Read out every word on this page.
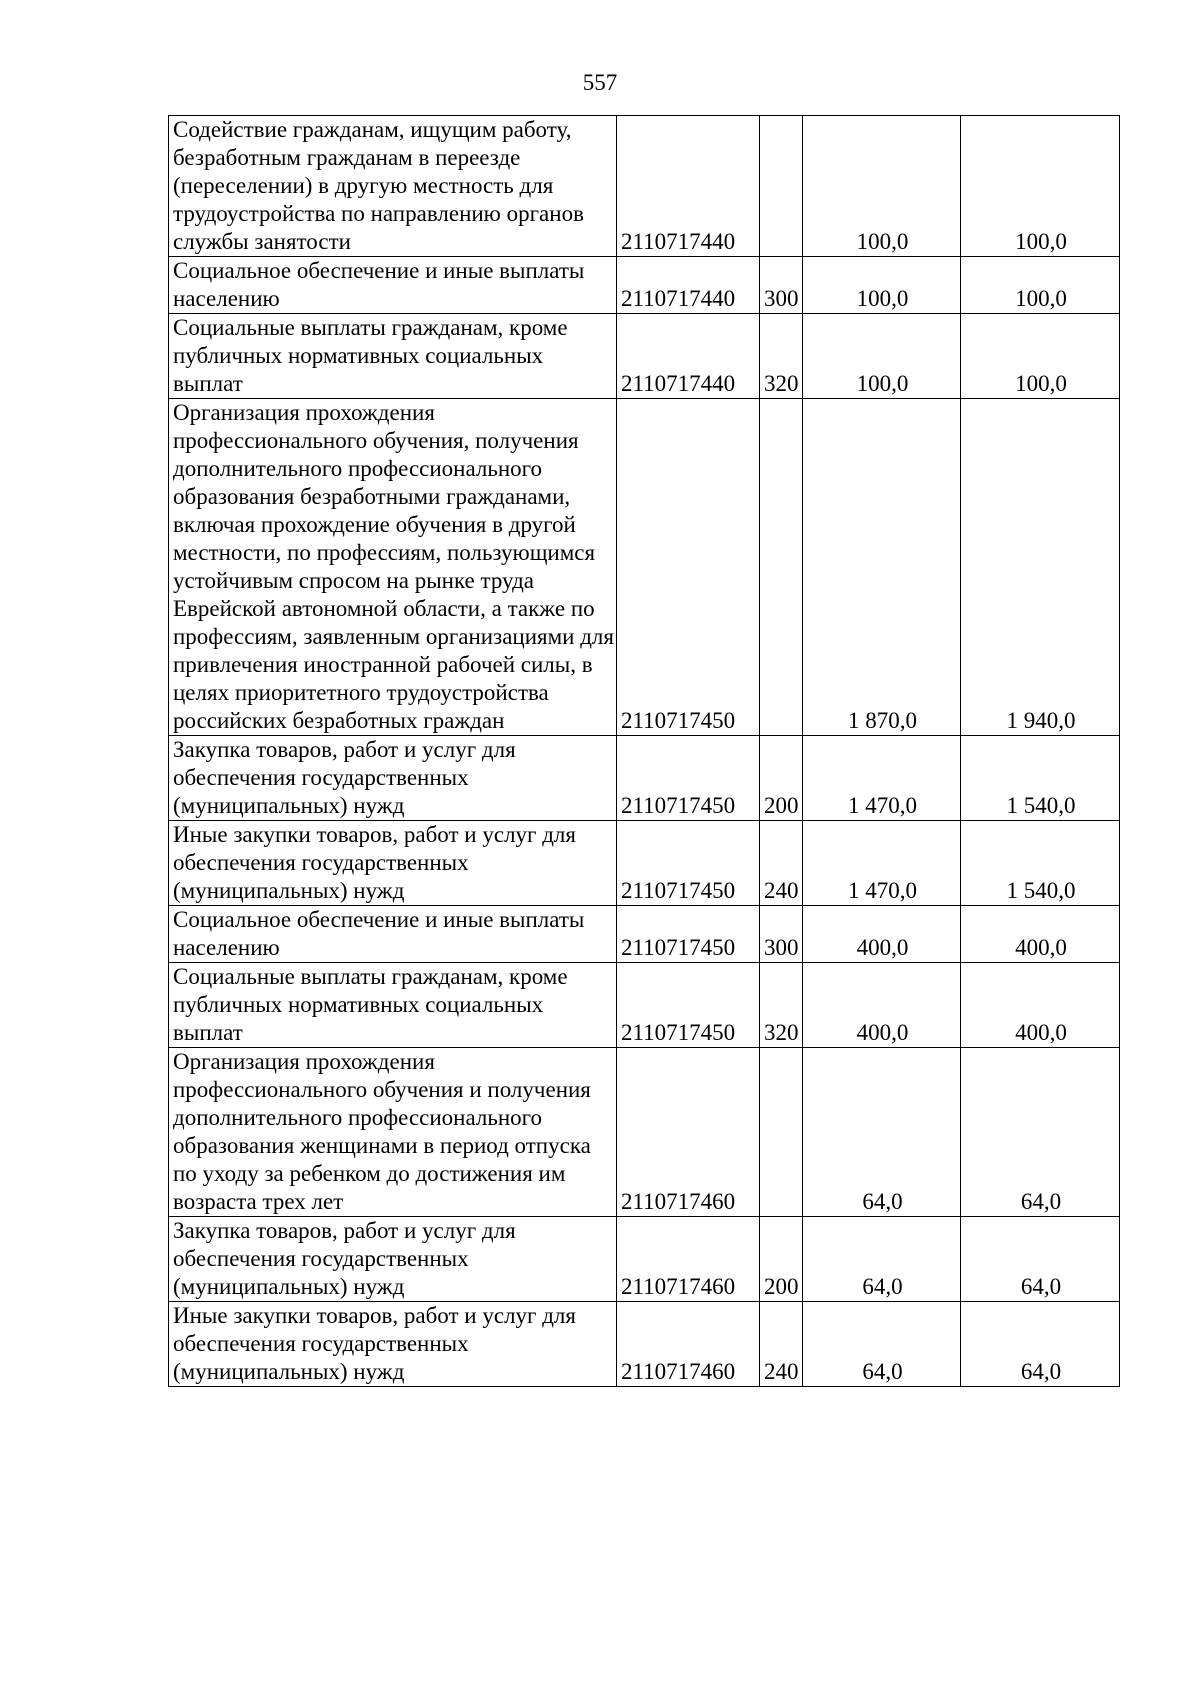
557
Содействие гражданам, ищущим работу, безработным гражданам в переезде (переселении) в другую местность для трудоустройства по направлению органов службы занятости	2110717440		100,0	100,0
Социальное обеспечение и иные выплаты населению	2110717440	300	100,0	100,0
Социальные выплаты гражданам, кроме публичных нормативных социальных выплат	2110717440	320	100,0	100,0
Организация прохождения профессионального обучения, получения дополнительного профессионального образования безработными гражданами, включая прохождение обучения в другой местности, по профессиям, пользующимся устойчивым спросом на рынке труда Еврейской автономной области, а также по профессиям, заявленным организациями для привлечения иностранной рабочей силы, в целях приоритетного трудоустройства российских безработных граждан	2110717450		1 870,0	1 940,0
Закупка товаров, работ и услуг для обеспечения государственных (муниципальных) нужд	2110717450	200	1 470,0	1 540,0
Иные закупки товаров, работ и услуг для обеспечения государственных (муниципальных) нужд	2110717450	240	1 470,0	1 540,0
Социальное обеспечение и иные выплаты населению	2110717450	300	400,0	400,0
Социальные выплаты гражданам, кроме публичных нормативных социальных выплат	2110717450	320	400,0	400,0
Организация прохождения профессионального обучения и получения дополнительного профессионального образования женщинами в период отпуска по уходу за ребенком до достижения им возраста трех лет	2110717460		64,0	64,0
Закупка товаров, работ и услуг для обеспечения государственных (муниципальных) нужд	2110717460	200	64,0	64,0
Иные закупки товаров, работ и услуг для обеспечения государственных (муниципальных) нужд	2110717460	240	64,0	64,0
